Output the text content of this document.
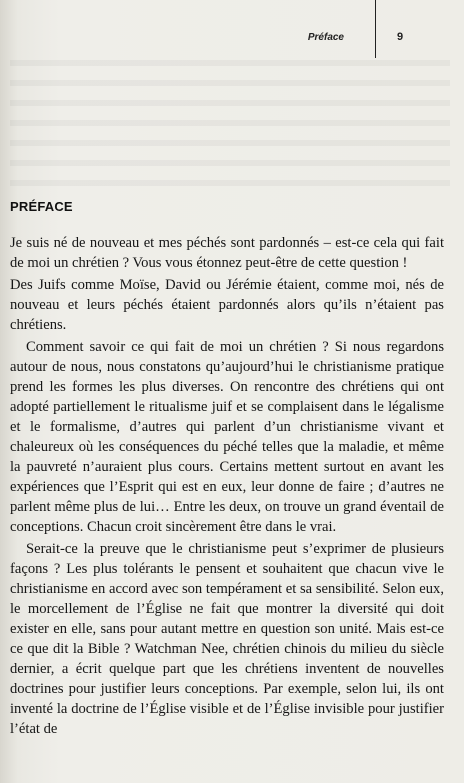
Préface	9
PRÉFACE

Je suis né de nouveau et mes péchés sont pardonnés – est-ce cela qui fait de moi un chrétien ? Vous vous étonnez peut-être de cette question !

Des Juifs comme Moïse, David ou Jérémie étaient, comme moi, nés de nouveau et leurs péchés étaient pardonnés alors qu’ils n’étaient pas chrétiens.

Comment savoir ce qui fait de moi un chrétien ? Si nous regardons autour de nous, nous constatons qu’aujourd’hui le christianisme pratique prend les formes les plus diverses. On rencontre des chrétiens qui ont adopté partiellement le ritualisme juif et se complaisent dans le légalisme et le formalisme, d’autres qui parlent d’un christianisme vivant et chaleureux où les conséquences du péché telles que la maladie, et même la pauvreté n’auraient plus cours. Certains mettent surtout en avant les expériences que l’Esprit qui est en eux, leur donne de faire ; d’autres ne parlent même plus de lui… Entre les deux, on trouve un grand éventail de conceptions. Chacun croit sincèrement être dans le vrai.

Serait-ce la preuve que le christianisme peut s’exprimer de plusieurs façons ? Les plus tolérants le pensent et souhaitent que chacun vive le christianisme en accord avec son tempérament et sa sensibilité. Selon eux, le morcellement de l’Église ne fait que montrer la diversité qui doit exister en elle, sans pour autant mettre en question son unité. Mais est-ce ce que dit la Bible ? Watchman Nee, chrétien chinois du milieu du siècle dernier, a écrit quelque part que les chrétiens inventent de nouvelles doctrines pour justifier leurs conceptions. Par exemple, selon lui, ils ont inventé la doctrine de l’Église visible et de l’Église invisible pour justifier l’état de
